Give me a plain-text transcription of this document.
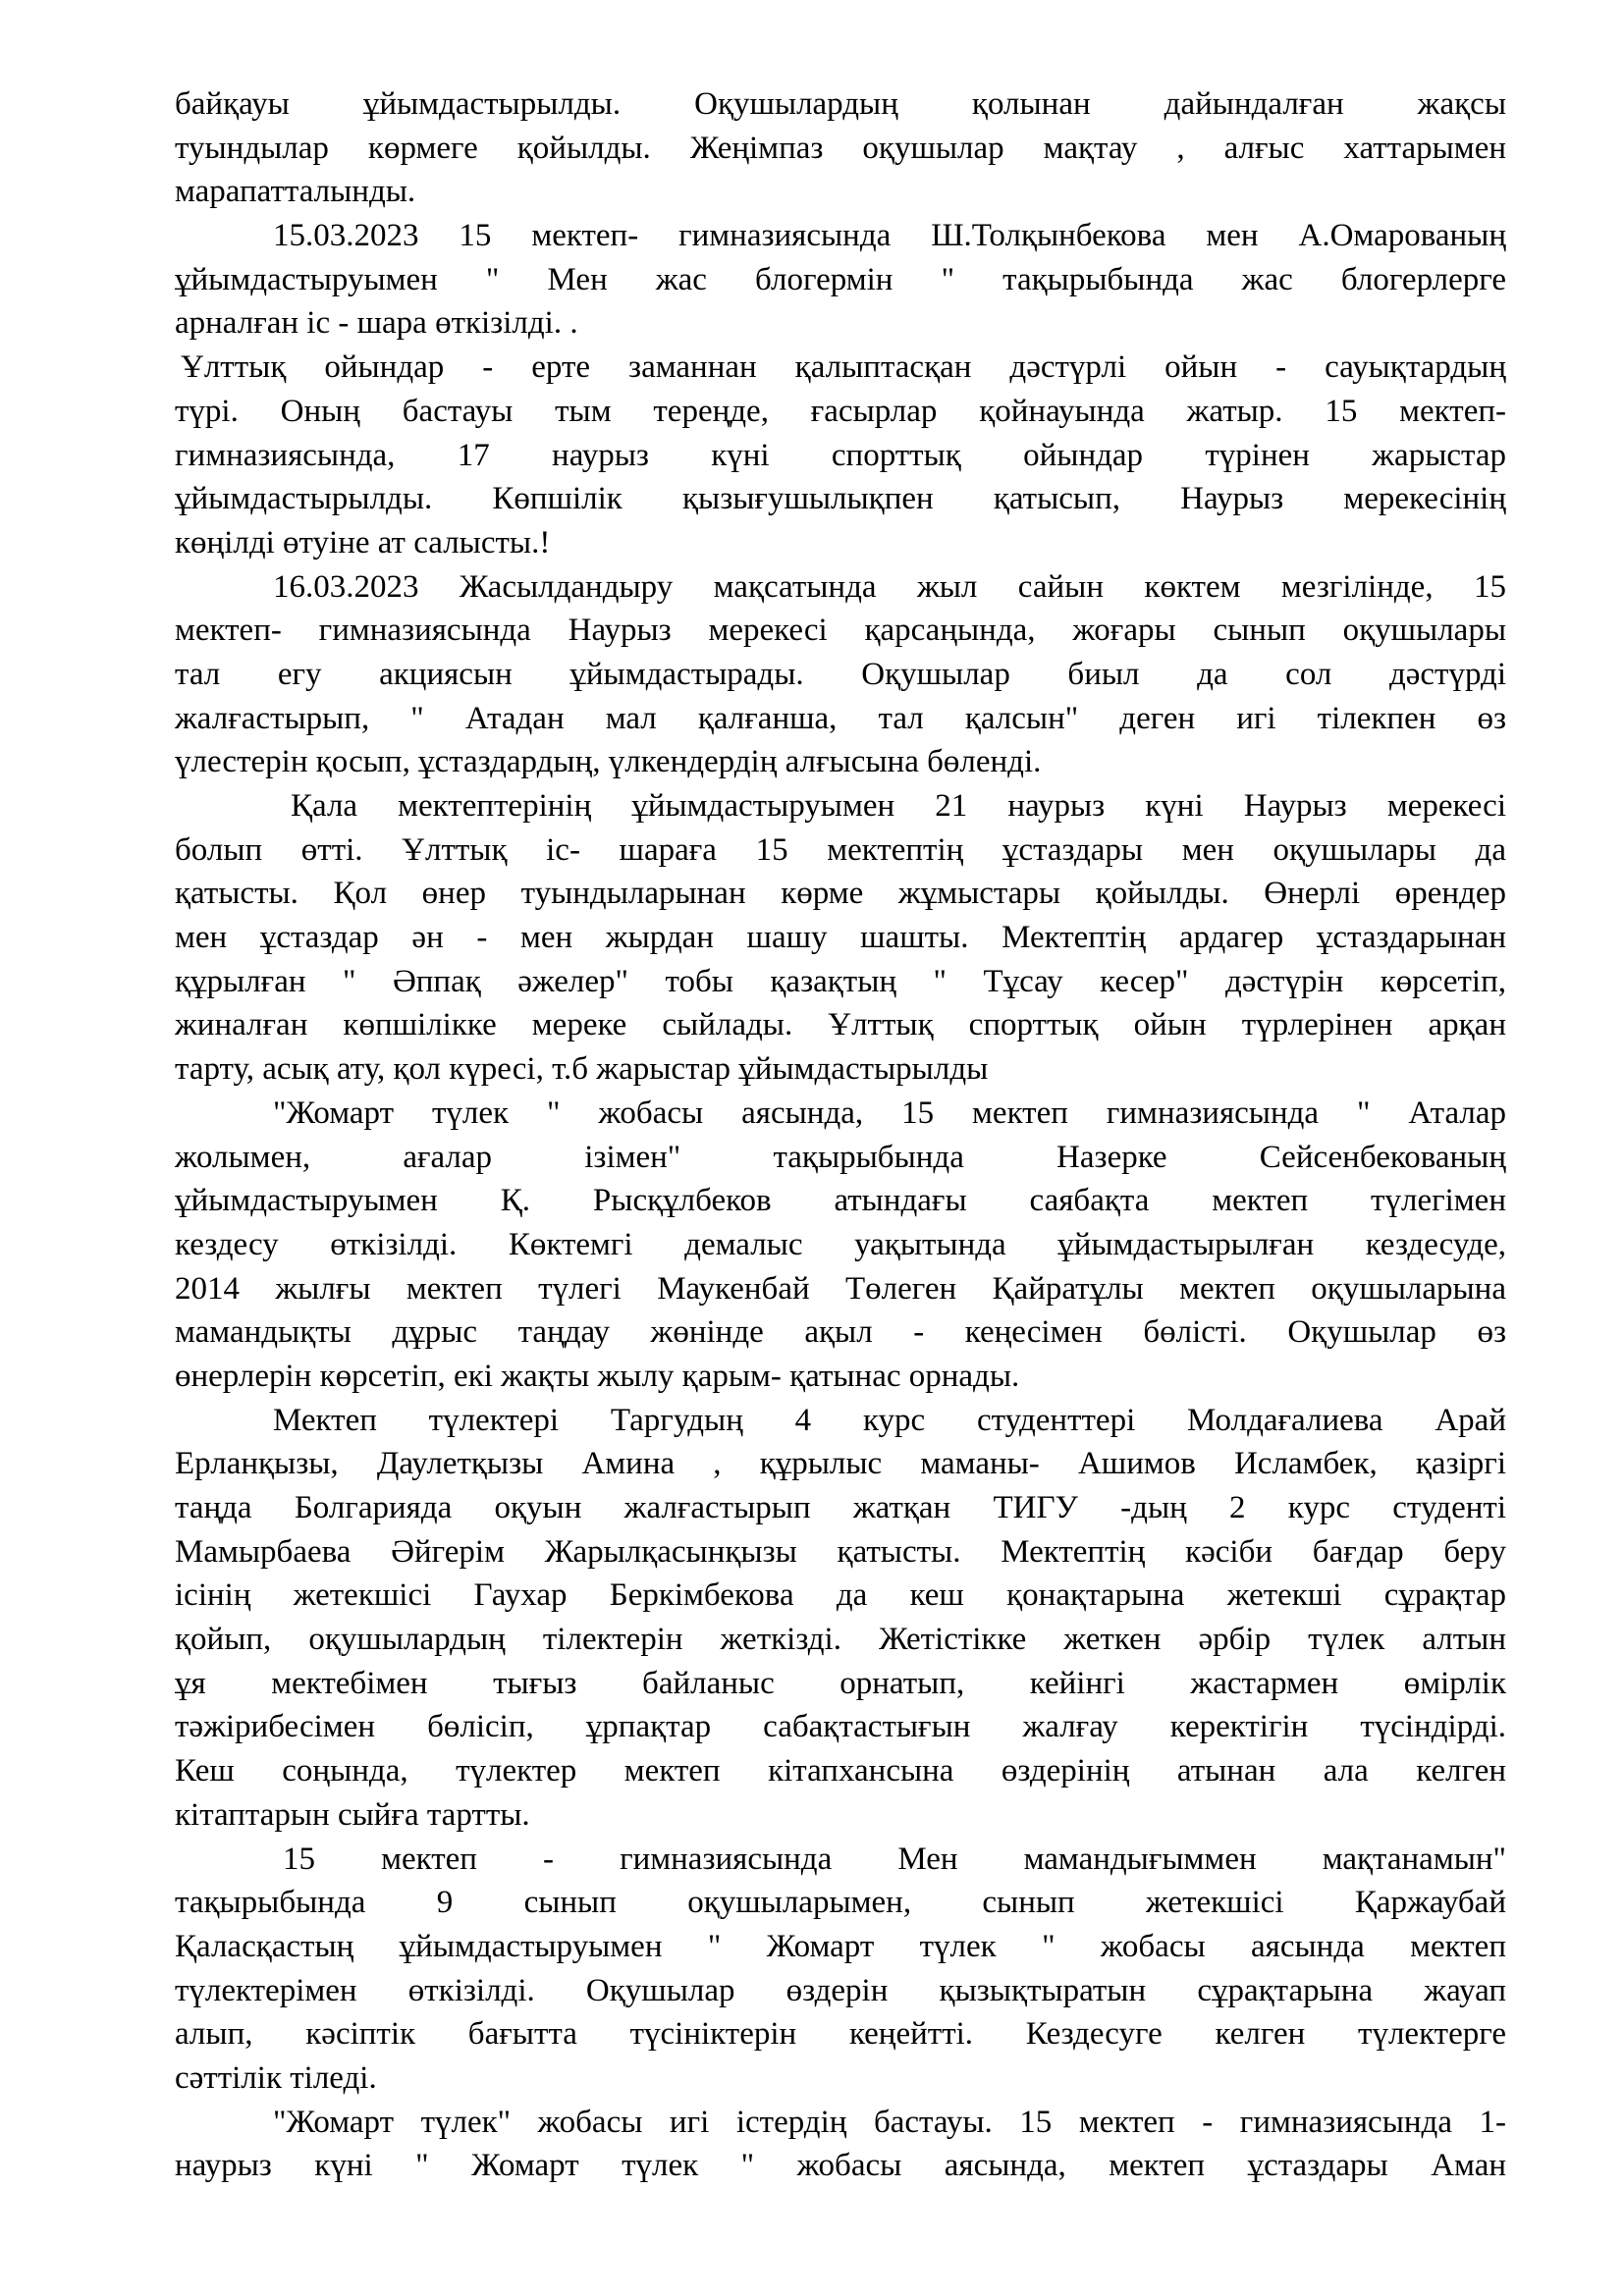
байқауы ұйымдастырылды. Оқушылардың қолынан дайындалған жақсы
туындылар көрмеге қойылды. Жеңімпаз оқушылар мақтау , алғыс хаттарымен
марапатталынды.
15.03.2023 15 мектеп- гимназиясында Ш.Толқынбекова мен А.Омарованың
ұйымдастыруымен " Мен жас блогермін " тақырыбында жас блогерлерге
арналған іс - шара өткізілді. .
Ұлттық ойындар - ерте заманнан қалыптасқан дәстүрлі ойын - сауықтардың
түрі. Оның бастауы тым тереңде, ғасырлар қойнауында жатыр. 15 мектеп-
гимназиясында, 17 наурыз күні спорттық ойындар түрінен жарыстар
ұйымдастырылды. Көпшілік қызығушылықпен қатысып, Наурыз мерекесінің
көңілді өтуіне ат салысты.!
16.03.2023 Жасылдандыру мақсатында жыл сайын көктем мезгілінде, 15
мектеп- гимназиясында Наурыз мерекесі қарсаңында, жоғары сынып оқушылары
тал егу акциясын ұйымдастырады. Оқушылар биыл да сол дәстүрді
жалғастырып, " Атадан мал қалғанша, тал қалсын" деген игі тілекпен өз
үлестерін қосып, ұстаздардың, үлкендердің алғысына бөленді.
Қала мектептерінің ұйымдастыруымен 21 наурыз күні Наурыз мерекесі
болып өтті. Ұлттық іс- шараға 15 мектептің ұстаздары мен оқушылары да
қатысты. Қол өнер туындыларынан көрме жұмыстары қойылды. Өнерлі өрендер
мен ұстаздар ән - мен жырдан шашу шашты. Мектептің ардагер ұстаздарынан
құрылған " Әппақ әжелер" тобы қазақтың " Тұсау кесер" дәстүрін көрсетіп,
жиналған көпшілікке мереке сыйлады. Ұлттық спорттық ойын түрлерінен арқан
тарту, асық ату, қол күресі, т.б жарыстар ұйымдастырылды
"Жомарт түлек " жобасы аясында, 15 мектеп гимназиясында " Аталар
жолымен, ағалар ізімен" тақырыбында Назерке Сейсенбекованың
ұйымдастыруымен Қ. Рысқұлбеков атындағы саябақта мектеп түлегімен
кездесу өткізілді. Көктемгі демалыс уақытында ұйымдастырылған кездесуде,
2014 жылғы мектеп түлегі Маукенбай Төлеген Қайратұлы мектеп оқушыларына
мамандықты дұрыс таңдау жөнінде ақыл - кеңесімен бөлісті. Оқушылар өз
өнерлерін көрсетіп, екі жақты жылу қарым- қатынас орнады.
Мектеп түлектері Таргудың 4 курс студенттері Молдағалиева Арай
Ерланқызы, Даулетқызы Амина , құрылыс маманы- Ашимов Исламбек, қазіргі
таңда Болгарияда оқуын жалғастырып жатқан ТИГУ -дың 2 курс студенті
Мамырбаева Әйгерім Жарылқасынқызы қатысты. Мектептің кәсіби бағдар беру
ісінің жетекшісі Гаухар Беркімбекова да кеш қонақтарына жетекші сұрақтар
қойып, оқушылардың тілектерін жеткізді. Жетістікке жеткен әрбір түлек алтын
ұя мектебімен тығыз байланыс орнатып, кейінгі жастармен өмірлік
тәжірибесімен бөлісіп, ұрпақтар сабақтастығын жалғау керектігін түсіндірді.
Кеш соңында, түлектер мектеп кітапхансына өздерінің атынан ала келген
кітаптарын сыйға тартты.
15 мектеп - гимназиясында Мен мамандығыммен мақтанамын"
тақырыбында 9 сынып оқушыларымен, сынып жетекшісі Қаржаубай
Қаласқастың ұйымдастыруымен " Жомарт түлек " жобасы аясында мектеп
түлектерімен өткізілді. Оқушылар өздерін қызықтыратын сұрақтарына жауап
алып, кәсіптік бағытта түсініктерін кеңейтті. Кездесуге келген түлектерге
сәттілік тіледі.
"Жомарт түлек" жобасы игі істердің бастауы. 15 мектеп - гимназиясында 1-
наурыз күні " Жомарт түлек " жобасы аясында, мектеп ұстаздары Аман
